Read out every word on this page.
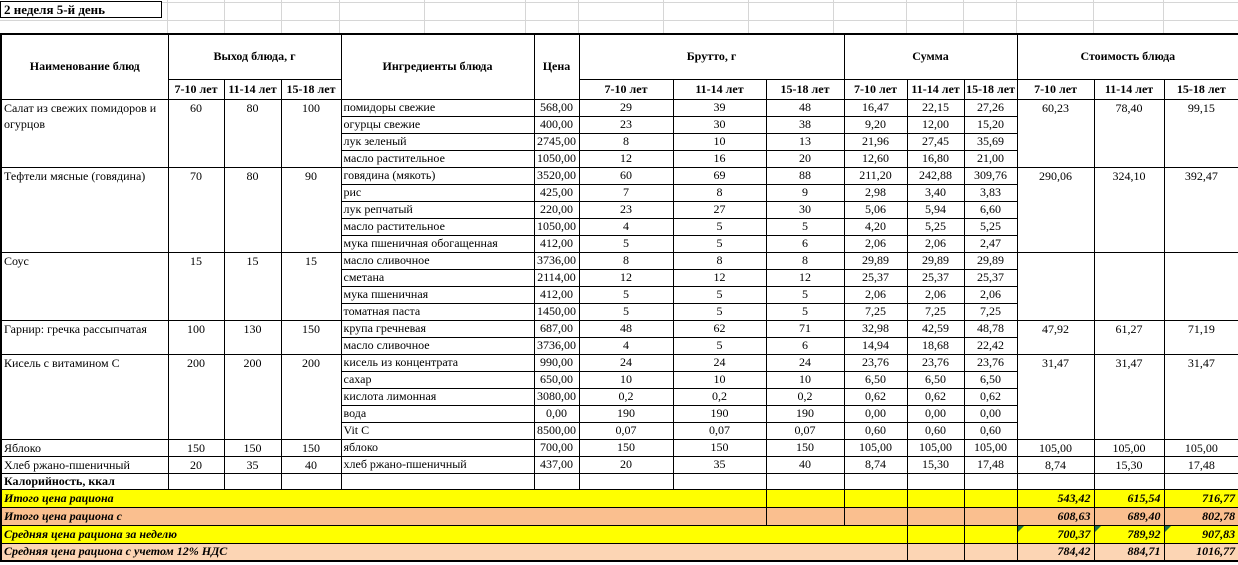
2 неделя 5-й день
Наименование блюд	Выход блюда, г			Ингредиенты блюда	Цена	Брутто, г			Сумма			Стоимость блюда		
	7-10 лет	11-14 лет	15-18 лет			7-10 лет	11-14 лет	15-18 лет	7-10 лет	11-14 лет	15-18 лет	7-10 лет	11-14 лет	15-18 лет
Салат из свежих помидоров и огурцов	60	80	100	помидоры свежие	568,00	29	39	48	16,47	22,15	27,26	60,23	78,40	99,15
				огурцы свежие	400,00	23	30	38	9,20	12,00	15,20			
				лук зеленый	2745,00	8	10	13	21,96	27,45	35,69			
				масло растительное	1050,00	12	16	20	12,60	16,80	21,00			
Тефтели мясные (говядина)	70	80	90	говядина (мякоть)	3520,00	60	69	88	211,20	242,88	309,76	290,06	324,10	392,47
				рис	425,00	7	8	9	2,98	3,40	3,83			
				лук репчатый	220,00	23	27	30	5,06	5,94	6,60			
				масло растительное	1050,00	4	5	5	4,20	5,25	5,25			
				мука пшеничная обогащенная	412,00	5	5	6	2,06	2,06	2,47			
Соус	15	15	15	масло сливочное	3736,00	8	8	8	29,89	29,89	29,89			
				сметана	2114,00	12	12	12	25,37	25,37	25,37			
				мука пшеничная	412,00	5	5	5	2,06	2,06	2,06			
				томатная паста	1450,00	5	5	5	7,25	7,25	7,25			
Гарнир: гречка рассыпчатая	100	130	150	крупа гречневая	687,00	48	62	71	32,98	42,59	48,78	47,92	61,27	71,19
				масло сливочное	3736,00	4	5	6	14,94	18,68	22,42			
Кисель с витамином С	200	200	200	кисель из концентрата	990,00	24	24	24	23,76	23,76	23,76	31,47	31,47	31,47
				сахар	650,00	10	10	10	6,50	6,50	6,50			
				кислота лимонная	3080,00	0,2	0,2	0,2	0,62	0,62	0,62			
				вода	0,00	190	190	190	0,00	0,00	0,00			
				Vit C	8500,00	0,07	0,07	0,07	0,60	0,60	0,60			
Яблоко	150	150	150	яблоко	700,00	150	150	150	105,00	105,00	105,00	105,00	105,00	105,00
Хлеб ржано-пшеничный	20	35	40	хлеб ржано-пшеничный	437,00	20	35	40	8,74	15,30	17,48	8,74	15,30	17,48
Калорийность, ккал														
Итого цена рациона												543,42	615,54	716,77
Итого цена рациона с												608,63	689,40	802,78
Средняя цена рациона за неделю												700,37	789,92	907,83

Средняя цена рациона с учетом 12% НДС												784,42	884,71	1016,77
